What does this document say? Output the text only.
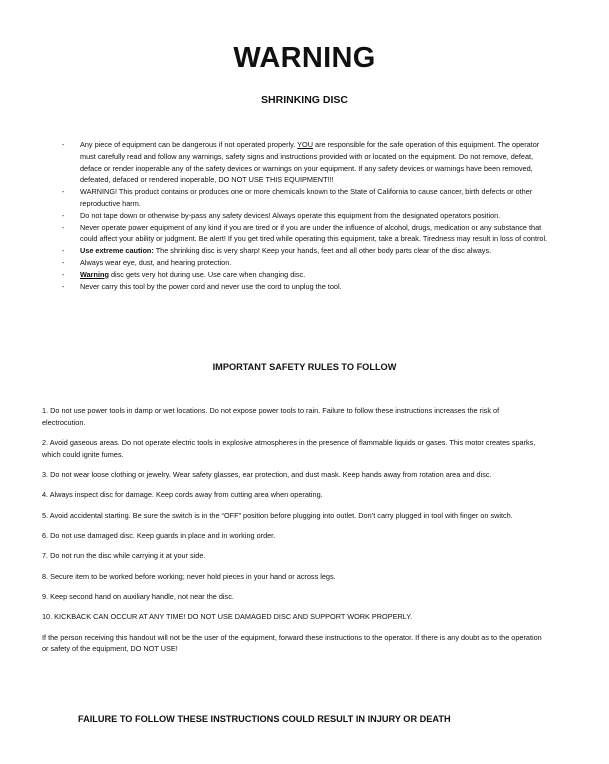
WARNING
SHRINKING DISC
- Any piece of equipment can be dangerous if not operated properly. YOU are responsible for the safe operation of this equipment. The operator must carefully read and follow any warnings, safety signs and instructions provided with or located on the equipment. Do not remove, defeat, deface or render inoperable any of the safety devices or warnings on your equipment. If any safety devices or warnings have been removed, defeated, defaced or rendered inoperable, DO NOT USE THIS EQUIPMENT!!!
- WARNING! This product contains or produces one or more chemicals known to the State of California to cause cancer, birth defects or other reproductive harm.
- Do not tape down or otherwise by-pass any safety devices! Always operate this equipment from the designated operators position.
- Never operate power equipment of any kind if you are tired or if you are under the influence of alcohol, drugs, medication or any substance that could affect your ability or judgment. Be alert! If you get tired while operating this equipment, take a break. Tiredness may result in loss of control.
- Use extreme caution: The shrinking disc is very sharp! Keep your hands, feet and all other body parts clear of the disc always.
- Always wear eye, dust, and hearing protection.
- Warning disc gets very hot during use. Use care when changing disc.
- Never carry this tool by the power cord and never use the cord to unplug the tool.
IMPORTANT SAFETY RULES TO FOLLOW

1. Do not use power tools in damp or wet locations. Do not expose power tools to rain. Failure to follow these instructions increases the risk of electrocution.

2. Avoid gaseous areas. Do not operate electric tools in explosive atmospheres in the presence of flammable liquids or gases. This motor creates sparks, which could ignite fumes.

3. Do not wear loose clothing or jewelry. Wear safety glasses, ear protection, and dust mask. Keep hands away from rotation area and disc.

4. Always inspect disc for damage. Keep cords away from cutting area when operating.

5. Avoid accidental starting. Be sure the switch is in the “OFF” position before plugging into outlet. Don’t carry plugged in tool with finger on switch.

6. Do not use damaged disc. Keep guards in place and in working order.

7. Do not run the disc while carrying it at your side.

8. Secure item to be worked before working; never hold pieces in your hand or across legs.

9. Keep second hand on auxiliary handle, not near the disc.

10. KICKBACK CAN OCCUR AT ANY TIME! DO NOT USE DAMAGED DISC AND SUPPORT WORK PROPERLY.

If the person receiving this handout will not be the user of the equipment, forward these instructions to the operator. If there is any doubt as to the operation or safety of the equipment, DO NOT USE!

FAILURE TO FOLLOW THESE INSTRUCTIONS COULD RESULT IN INJURY OR DEATH
